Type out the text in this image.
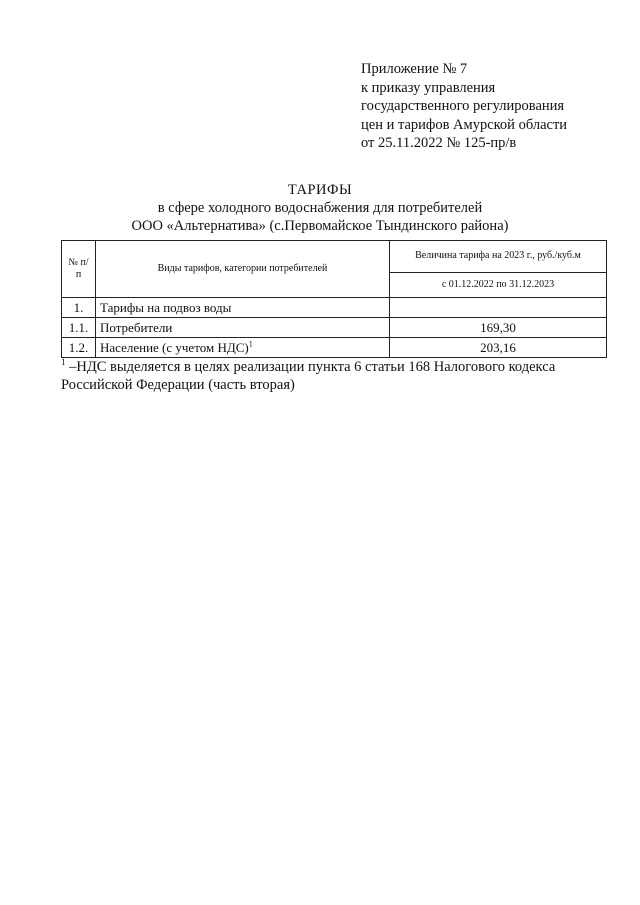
Приложение № 7
к приказу управления
государственного регулирования
цен и тарифов Амурской области
от 25.11.2022 № 125-пр/в
ТАРИФЫ
в сфере холодного водоснабжения для потребителей
ООО «Альтернатива» (с.Первомайское Тындинского района)
№ п/п	Виды тарифов, категории потребителей	Величина тарифа на 2023 г., руб./куб.м
		с 01.12.2022 по 31.12.2023
1.	Тарифы на подвоз воды	
1.1.	Потребители	169,30
1.2.	Население (с учетом НДС)$^1$	203,16
$^1$ –НДС выделяется в целях реализации пункта 6 статьи 168 Налогового кодекса Российской Федерации (часть вторая)
